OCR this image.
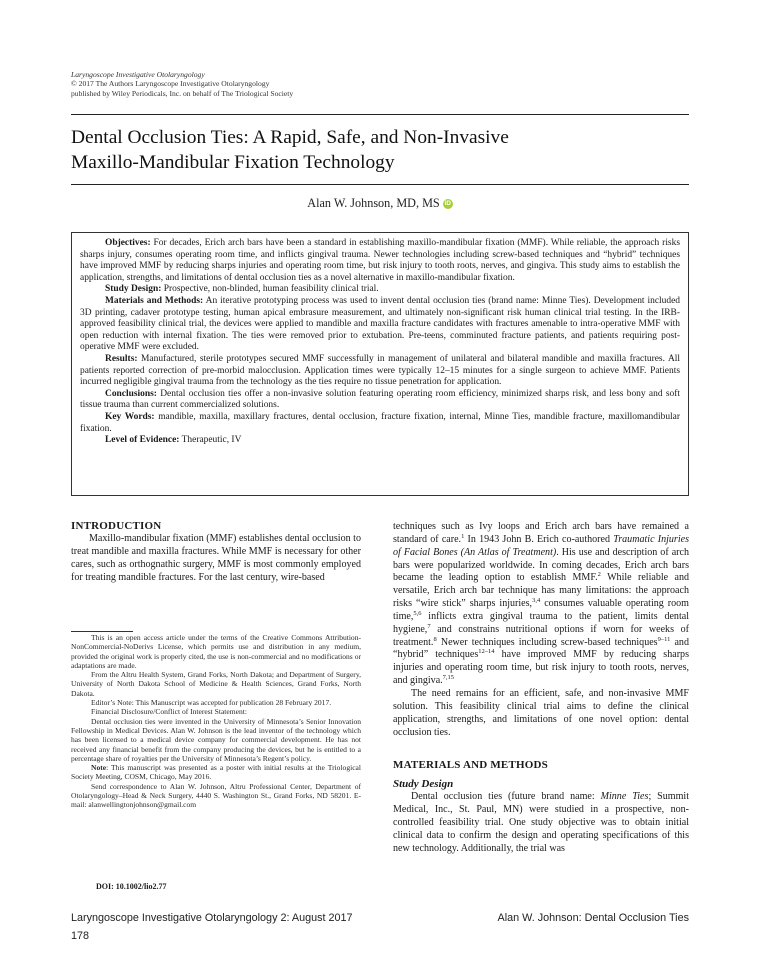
Laryngoscope Investigative Otolaryngology
© 2017 The Authors Laryngoscope Investigative Otolaryngology
published by Wiley Periodicals, Inc. on behalf of The Triological Society
Dental Occlusion Ties: A Rapid, Safe, and Non-Invasive
Maxillo-Mandibular Fixation Technology
Alan W. Johnson, MD, MS iD

Objectives: For decades, Erich arch bars have been a standard in establishing maxillo-mandibular fixation (MMF). While reliable, the approach risks sharps injury, consumes operating room time, and inflicts gingival trauma. Newer technologies including screw-based techniques and “hybrid” techniques have improved MMF by reducing sharps injuries and operating room time, but risk injury to tooth roots, nerves, and gingiva. This study aims to establish the application, strengths, and limitations of dental occlusion ties as a novel alternative in maxillo-mandibular fixation.

Study Design: Prospective, non-blinded, human feasibility clinical trial.

Materials and Methods: An iterative prototyping process was used to invent dental occlusion ties (brand name: Minne Ties). Development included 3D printing, cadaver prototype testing, human apical embrasure measurement, and ultimately non-significant risk human clinical trial testing. In the IRB-approved feasibility clinical trial, the devices were applied to mandible and maxilla fracture candidates with fractures amenable to intra-operative MMF with open reduction with internal fixation. The ties were removed prior to extubation. Pre-teens, comminuted fracture patients, and patients requiring post-operative MMF were excluded.

Results: Manufactured, sterile prototypes secured MMF successfully in management of unilateral and bilateral mandible and maxilla fractures. All patients reported correction of pre-morbid malocclusion. Application times were typically 12–15 minutes for a single surgeon to achieve MMF. Patients incurred negligible gingival trauma from the technology as the ties require no tissue penetration for application.

Conclusions: Dental occlusion ties offer a non-invasive solution featuring operating room efficiency, minimized sharps risk, and less bony and soft tissue trauma than current commercialized solutions.

Key Words: mandible, maxilla, maxillary fractures, dental occlusion, fracture fixation, internal, Minne Ties, mandible fracture, maxillomandibular fixation.

Level of Evidence: Therapeutic, IV

INTRODUCTION

Maxillo-mandibular fixation (MMF) establishes dental occlusion to treat mandible and maxilla fractures. While MMF is necessary for other cares, such as orthognathic surgery, MMF is most commonly employed for treating mandible fractures. For the last century, wire-based

This is an open access article under the terms of the Creative Commons Attribution-NonCommercial-NoDerivs License, which permits use and distribution in any medium, provided the original work is properly cited, the use is non-commercial and no modifications or adaptations are made.

From the Altru Health System, Grand Forks, North Dakota; and Department of Surgery, University of North Dakota School of Medicine & Health Sciences, Grand Forks, North Dakota.

Editor’s Note: This Manuscript was accepted for publication 28 February 2017.

Financial Disclosure/Conflict of Interest Statement:

Dental occlusion ties were invented in the University of Minnesota’s Senior Innovation Fellowship in Medical Devices. Alan W. Johnson is the lead inventor of the technology which has been licensed to a medical device company for commercial development. He has not received any financial benefit from the company producing the devices, but he is entitled to a percentage share of royalties per the University of Minnesota’s Regent’s policy.

Note: This manuscript was presented as a poster with initial results at the Triological Society Meeting, COSM, Chicago, May 2016.

Send correspondence to Alan W. Johnson, Altru Professional Center, Department of Otolaryngology–Head & Neck Surgery, 4440 S. Washington St., Grand Forks, ND 58201. E-mail: alanwellingtonjohnson@gmail.com

DOI: 10.1002/lio2.77

techniques such as Ivy loops and Erich arch bars have remained a standard of care.$^1$ In 1943 John B. Erich co-authored Traumatic Injuries of Facial Bones (An Atlas of Treatment). His use and description of arch bars were popularized worldwide. In coming decades, Erich arch bars became the leading option to establish MMF.$^2$ While reliable and versatile, Erich arch bar technique has many limitations: the approach risks “wire stick” sharps injuries,$^{3,4}$ consumes valuable operating room time,$^{5,6}$ inflicts extra gingival trauma to the patient, limits dental hygiene,$^7$ and constrains nutritional options if worn for weeks of treatment.$^8$ Newer techniques including screw-based techniques$^{9-11}$ and “hybrid” techniques$^{12-14}$ have improved MMF by reducing sharps injuries and operating room time, but risk injury to tooth roots, nerves, and gingiva.$^{7,15}$

The need remains for an efficient, safe, and non-invasive MMF solution. This feasibility clinical trial aims to define the clinical application, strengths, and limitations of one novel option: dental occlusion ties.

MATERIALS AND METHODS
Study Design

Dental occlusion ties (future brand name: Minne Ties; Summit Medical, Inc., St. Paul, MN) were studied in a prospective, non-controlled feasibility trial. One study objective was to obtain initial clinical data to confirm the design and operating specifications of this new technology. Additionally, the trial was

Laryngoscope Investigative Otolaryngology 2: August 2017	Alan W. Johnson: Dental Occlusion Ties
178
